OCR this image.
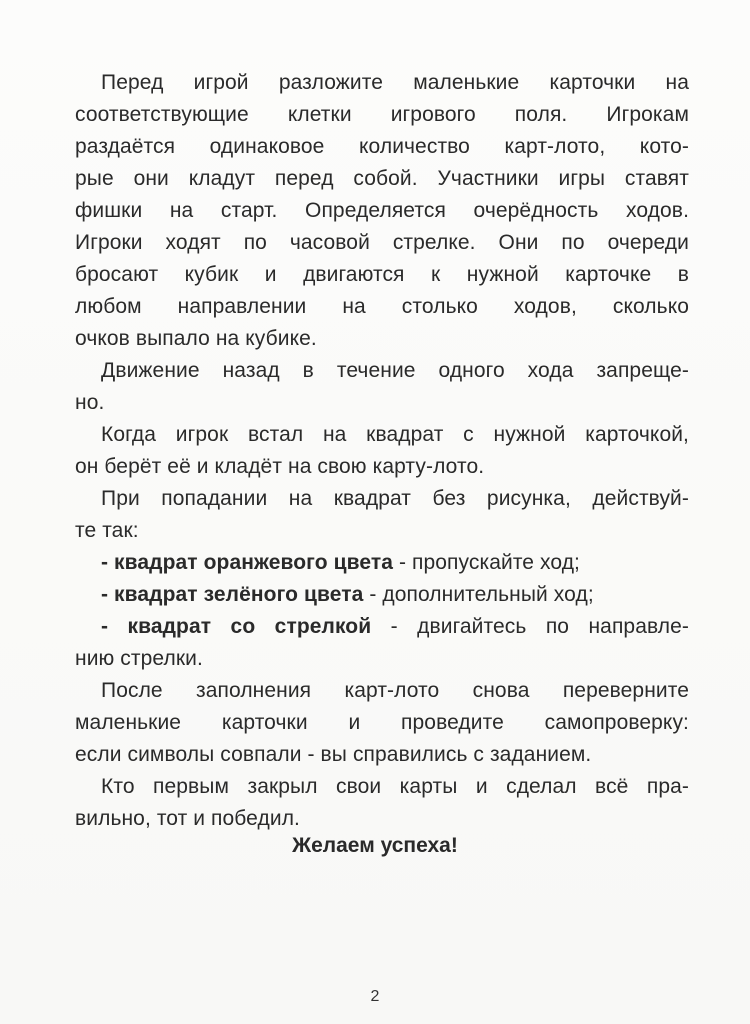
Перед игрой разложите маленькие карточки на
соответствующие клетки игрового поля. Игрокам
раздаётся одинаковое количество карт-лото, кото-
рые они кладут перед собой. Участники игры ставят
фишки на старт. Определяется очерёдность ходов.
Игроки ходят по часовой стрелке. Они по очереди
бросают кубик и двигаются к нужной карточке в
любом направлении на столько ходов, сколько
очков выпало на кубике.
Движение назад в течение одного хода запреще-
но.
Когда игрок встал на квадрат с нужной карточкой,
он берёт её и кладёт на свою карту-лото.
При попадании на квадрат без рисунка, действуй-
те так:
- квадрат оранжевого цвета - пропускайте ход;
- квадрат зелёного цвета - дополнительный ход;
- квадрат со стрелкой - двигайтесь по направле-
нию стрелки.
После заполнения карт-лото снова переверните
маленькие карточки и проведите самопроверку:
если символы совпали - вы справились с заданием.
Кто первым закрыл свои карты и сделал всё пра-
вильно, тот и победил.
Желаем успеха!
2
